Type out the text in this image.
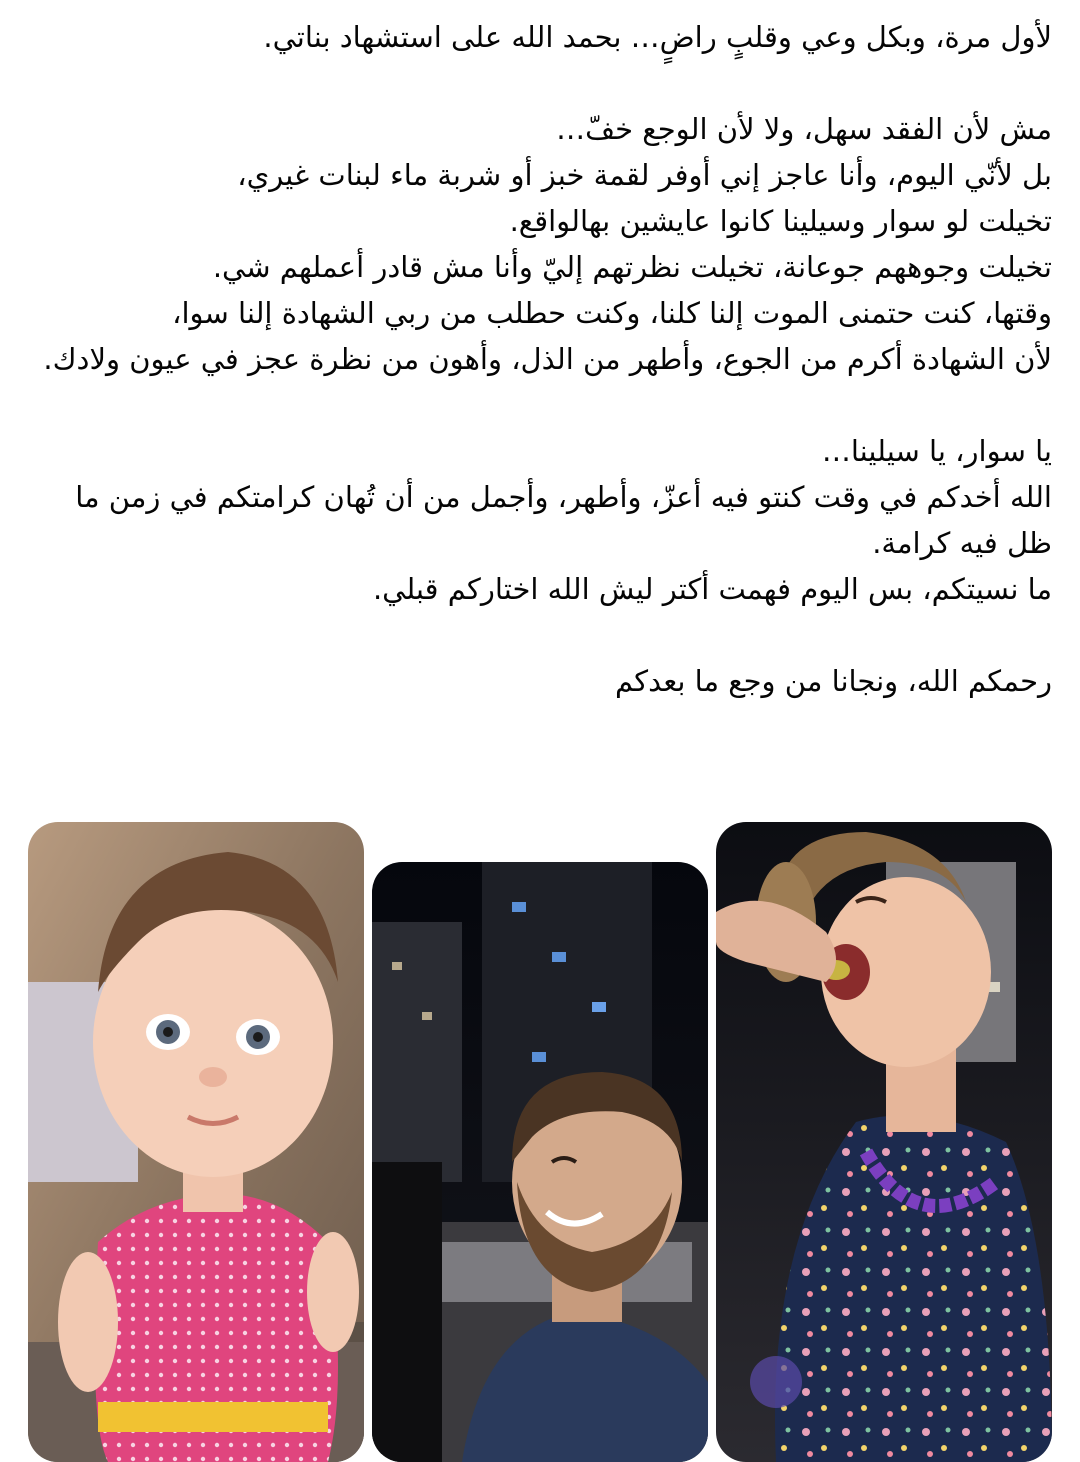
لأول مرة، وبكل وعي وقلبٍ راضٍ… بحمد الله على استشهاد بناتي.

مش لأن الفقد سهل، ولا لأن الوجع خفّ…

بل لأنّي اليوم، وأنا عاجز إني أوفر لقمة خبز أو شربة ماء لبنات غيري،

تخيلت لو سوار وسيلينا كانوا عايشين بهالواقع.

تخيلت وجوههم جوعانة، تخيلت نظرتهم إليّ وأنا مش قادر أعملهم شي.

وقتها، كنت حتمنى الموت إلنا كلنا، وكنت حطلب من ربي الشهادة إلنا سوا،

لأن الشهادة أكرم من الجوع، وأطهر من الذل، وأهون من نظرة عجز في عيون ولادك.

يا سوار، يا سيلينا…

الله أخدكم في وقت كنتو فيه أعزّ، وأطهر، وأجمل من أن تُهان كرامتكم في زمن ما ظل فيه كرامة.

ما نسيتكم، بس اليوم فهمت أكتر ليش الله اختاركم قبلي.

رحمكم الله، ونجانا من وجع ما بعدكم
